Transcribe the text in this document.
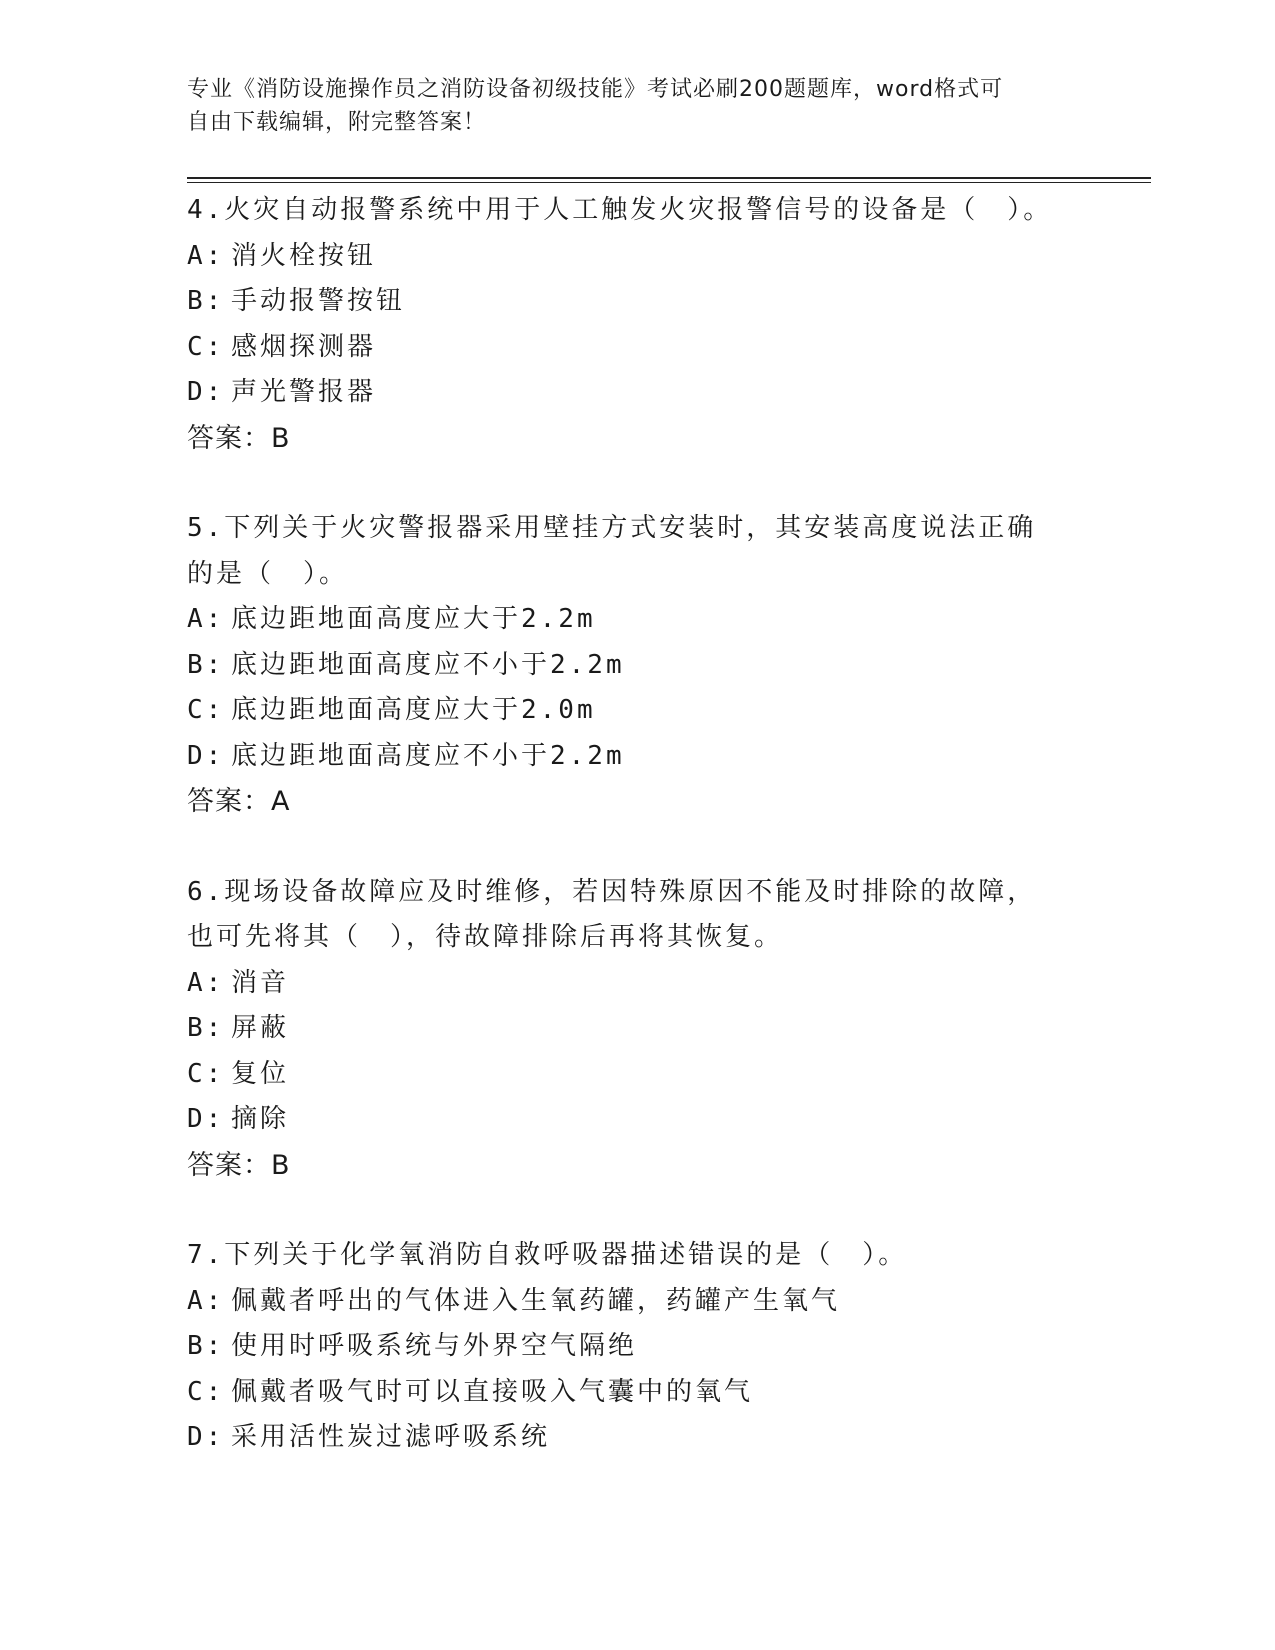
专业《消防设施操作员之消防设备初级技能》考试必刷200题题库，word格式可
自由下载编辑，附完整答案！
4.火灾自动报警系统中用于人工触发火灾报警信号的设备是（　）。
A: 消火栓按钮
B: 手动报警按钮
C: 感烟探测器
D: 声光警报器
答案：B
5.下列关于火灾警报器采用壁挂方式安装时，其安装高度说法正确的是（　）。
A: 底边距地面高度应大于2.2m
B: 底边距地面高度应不小于2.2m
C: 底边距地面高度应大于2.0m
D: 底边距地面高度应不小于2.2m
答案：A
6.现场设备故障应及时维修，若因特殊原因不能及时排除的故障，也可先将其（　），待故障排除后再将其恢复。
A: 消音
B: 屏蔽
C: 复位
D: 摘除
答案：B
7.下列关于化学氧消防自救呼吸器描述错误的是（　）。
A: 佩戴者呼出的气体进入生氧药罐，药罐产生氧气
B: 使用时呼吸系统与外界空气隔绝
C: 佩戴者吸气时可以直接吸入气囊中的氧气
D: 采用活性炭过滤呼吸系统
